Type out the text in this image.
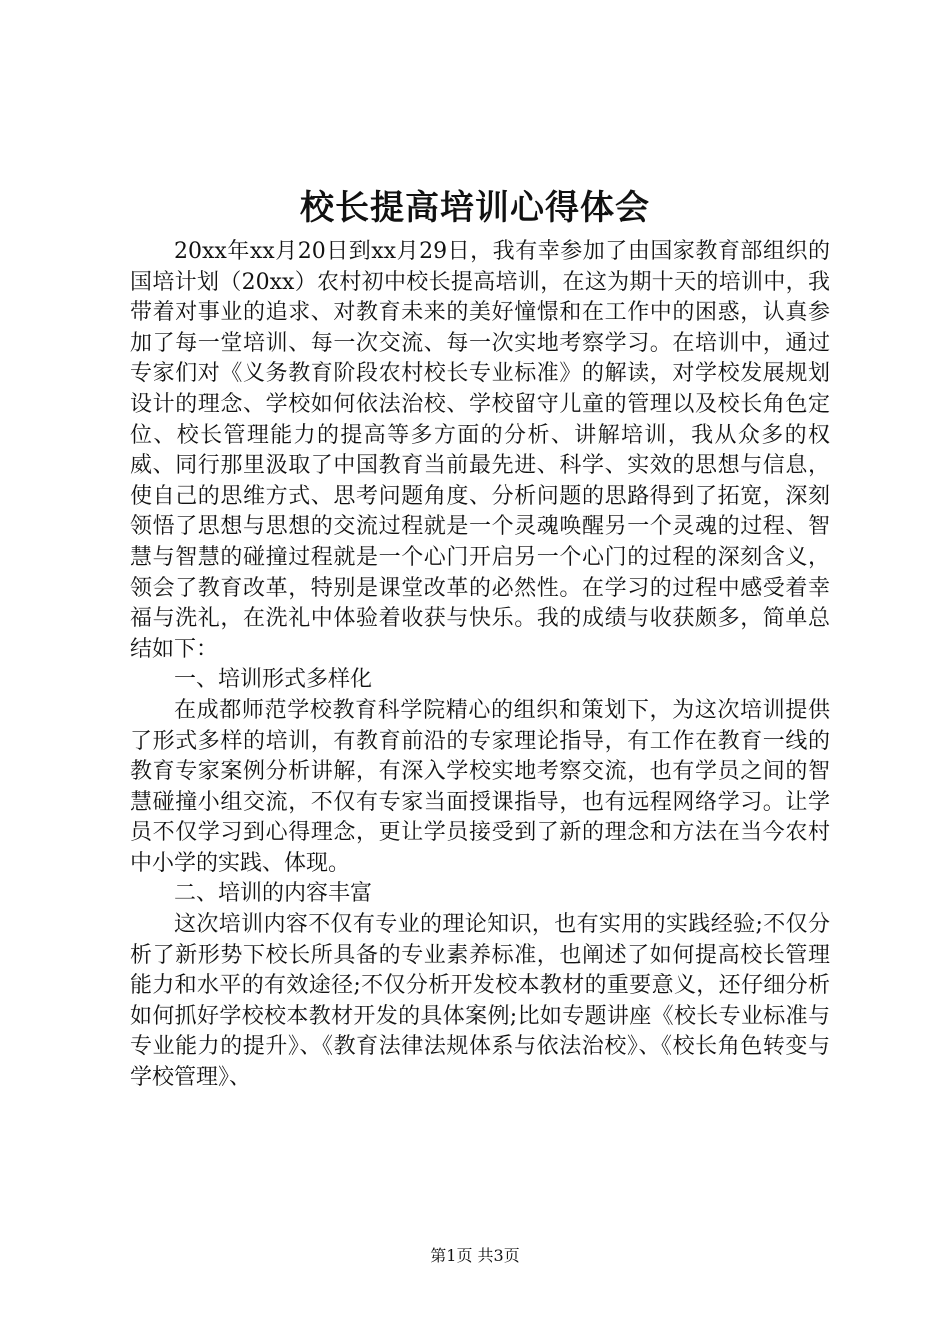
校长提高培训心得体会

20xx年xx月20日到xx月29日，我有幸参加了由国家教育部组织的国培计划（20xx）农村初中校长提高培训，在这为期十天的培训中，我带着对事业的追求、对教育未来的美好憧憬和在工作中的困惑，认真参加了每一堂培训、每一次交流、每一次实地考察学习。在培训中，通过专家们对《义务教育阶段农村校长专业标准》的解读，对学校发展规划设计的理念、学校如何依法治校、学校留守儿童的管理以及校长角色定位、校长管理能力的提高等多方面的分析、讲解培训，我从众多的权威、同行那里汲取了中国教育当前最先进、科学、实效的思想与信息，使自己的思维方式、思考问题角度、分析问题的思路得到了拓宽，深刻领悟了思想与思想的交流过程就是一个灵魂唤醒另一个灵魂的过程、智慧与智慧的碰撞过程就是一个心门开启另一个心门的过程的深刻含义，领会了教育改革，特别是课堂改革的必然性。在学习的过程中感受着幸福与洗礼，在洗礼中体验着收获与快乐。我的成绩与收获颇多，简单总结如下：

一、培训形式多样化

在成都师范学校教育科学院精心的组织和策划下，为这次培训提供了形式多样的培训，有教育前沿的专家理论指导，有工作在教育一线的教育专家案例分析讲解，有深入学校实地考察交流，也有学员之间的智慧碰撞小组交流，不仅有专家当面授课指导，也有远程网络学习。让学员不仅学习到心得理念，更让学员接受到了新的理念和方法在当今农村中小学的实践、体现。

二、培训的内容丰富

这次培训内容不仅有专业的理论知识，也有实用的实践经验;不仅分析了新形势下校长所具备的专业素养标准，也阐述了如何提高校长管理能力和水平的有效途径;不仅分析开发校本教材的重要意义，还仔细分析如何抓好学校校本教材开发的具体案例;比如专题讲座《校长专业标准与专业能力的提升》、《教育法律法规体系与依法治校》、《校长角色转变与学校管理》、

第1页 共3页
